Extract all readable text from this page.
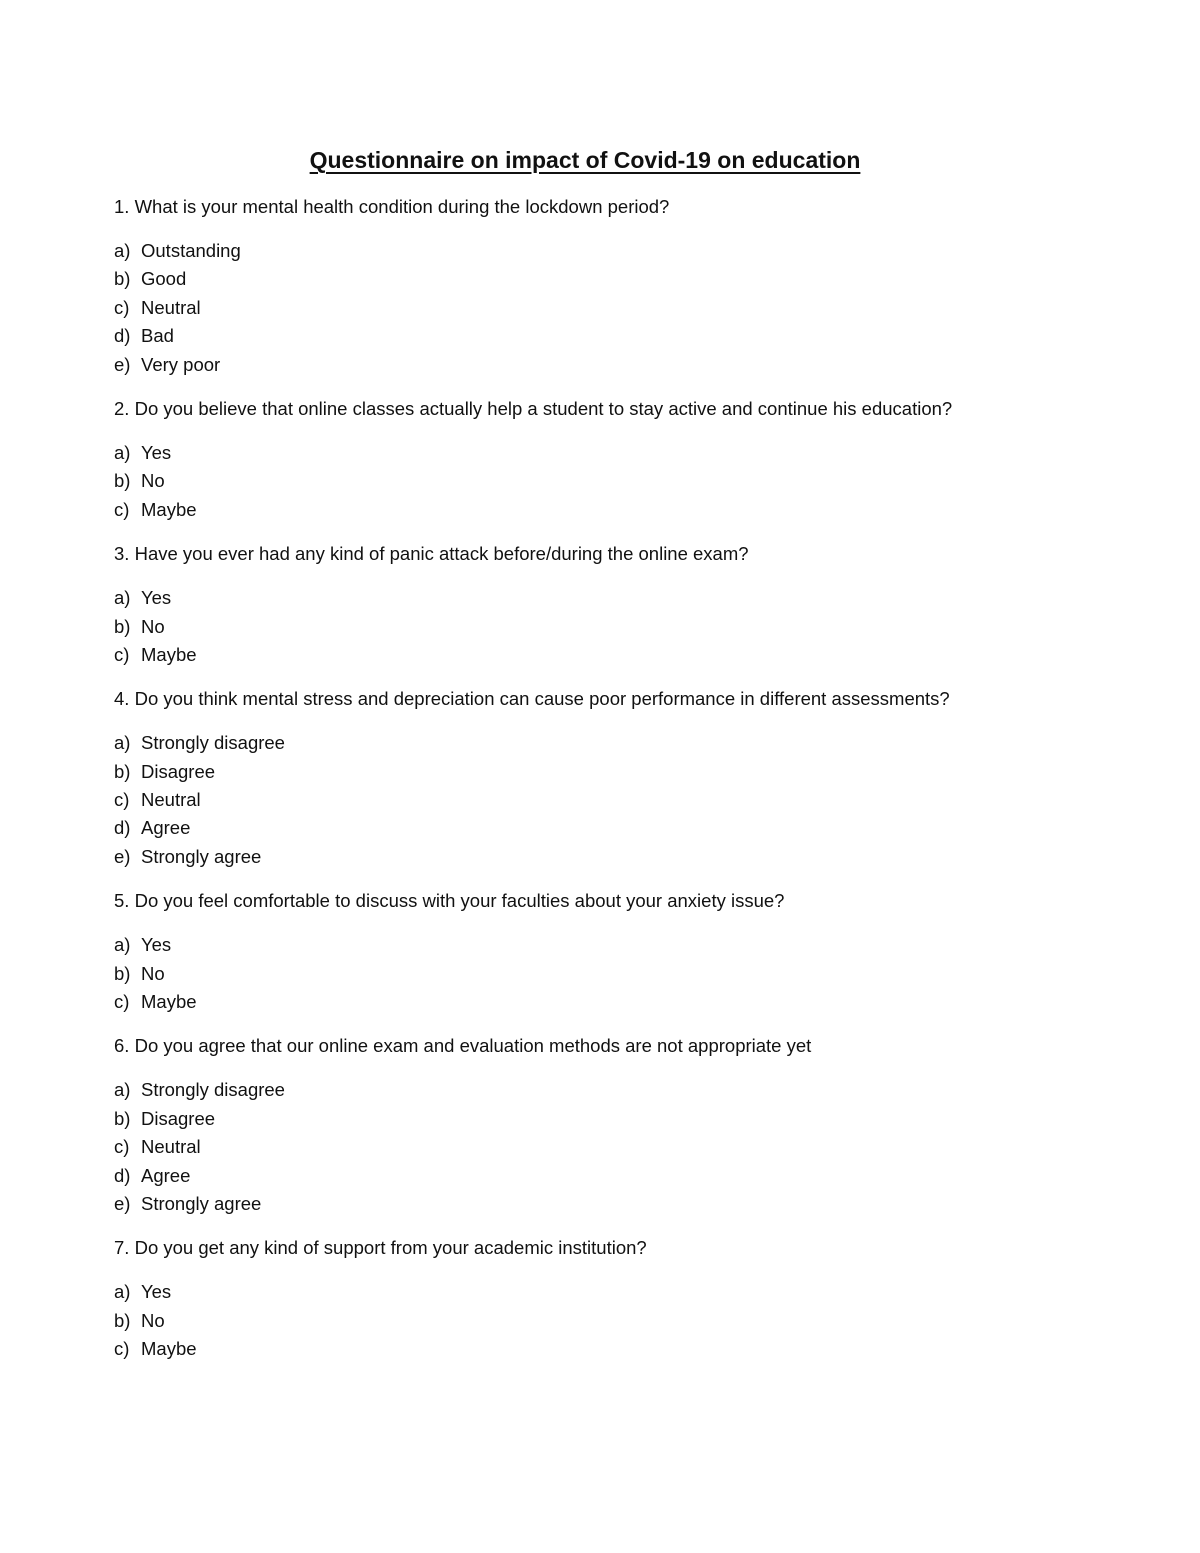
Questionnaire on impact of Covid-19 on education
1. What is your mental health condition during the lockdown period?
a) Outstanding
b) Good
c) Neutral
d) Bad
e) Very poor
2. Do you believe that online classes actually help a student to stay active and continue his education?
a) Yes
b) No
c) Maybe
3. Have you ever had any kind of panic attack before/during the online exam?
a) Yes
b) No
c) Maybe
4. Do you think mental stress and depreciation can cause poor performance in different assessments?
a) Strongly disagree
b) Disagree
c) Neutral
d) Agree
e) Strongly agree
5. Do you feel comfortable to discuss with your faculties about your anxiety issue?
a) Yes
b) No
c) Maybe
6. Do you agree that our online exam and evaluation methods are not appropriate yet
a) Strongly disagree
b) Disagree
c) Neutral
d) Agree
e) Strongly agree
7. Do you get any kind of support from your academic institution?
a) Yes
b) No
c) Maybe
